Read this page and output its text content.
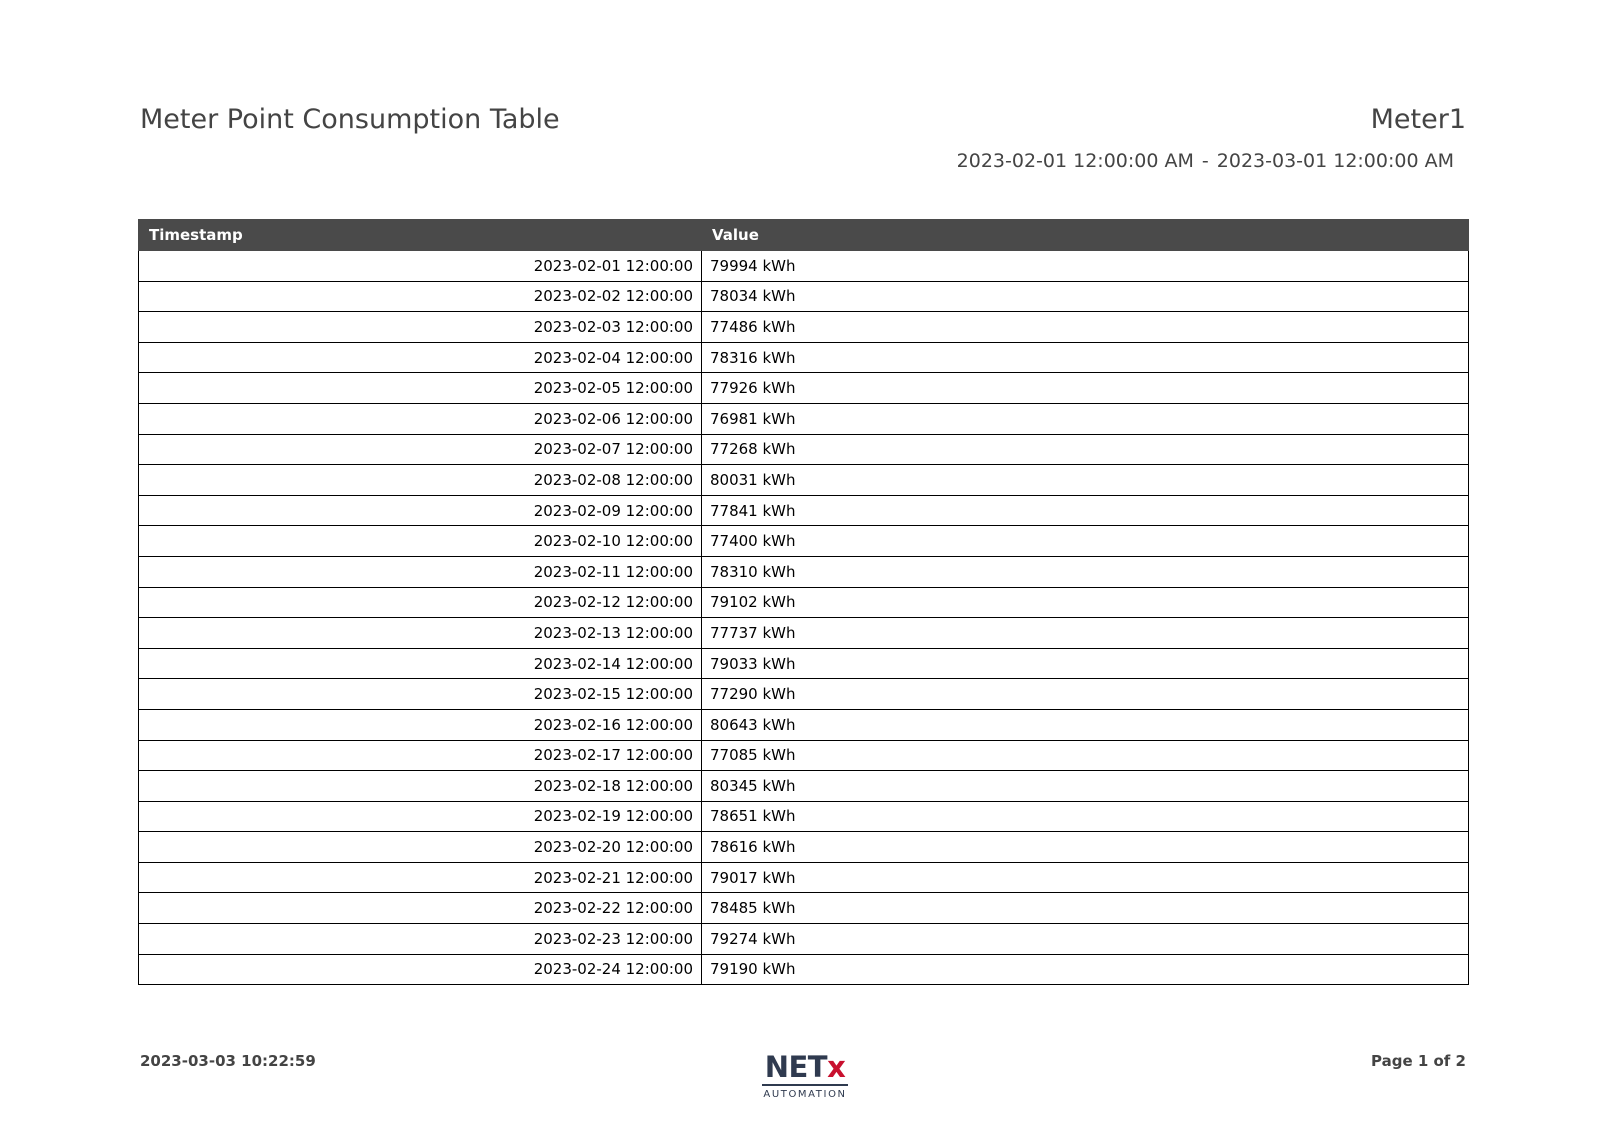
Meter Point Consumption Table	Meter1
2023-02-01 12:00:00 AM - 2023-03-01 12:00:00 AM
Timestamp	Value
2023-02-01 12:00:00	79994 kWh
2023-02-02 12:00:00	78034 kWh
2023-02-03 12:00:00	77486 kWh
2023-02-04 12:00:00	78316 kWh
2023-02-05 12:00:00	77926 kWh
2023-02-06 12:00:00	76981 kWh
2023-02-07 12:00:00	77268 kWh
2023-02-08 12:00:00	80031 kWh
2023-02-09 12:00:00	77841 kWh
2023-02-10 12:00:00	77400 kWh
2023-02-11 12:00:00	78310 kWh
2023-02-12 12:00:00	79102 kWh
2023-02-13 12:00:00	77737 kWh
2023-02-14 12:00:00	79033 kWh
2023-02-15 12:00:00	77290 kWh
2023-02-16 12:00:00	80643 kWh
2023-02-17 12:00:00	77085 kWh
2023-02-18 12:00:00	80345 kWh
2023-02-19 12:00:00	78651 kWh
2023-02-20 12:00:00	78616 kWh
2023-02-21 12:00:00	79017 kWh
2023-02-22 12:00:00	78485 kWh
2023-02-23 12:00:00	79274 kWh
2023-02-24 12:00:00	79190 kWh
2023-03-03 10:22:59	NETx
AUTOMATION
Page 1 of 2
